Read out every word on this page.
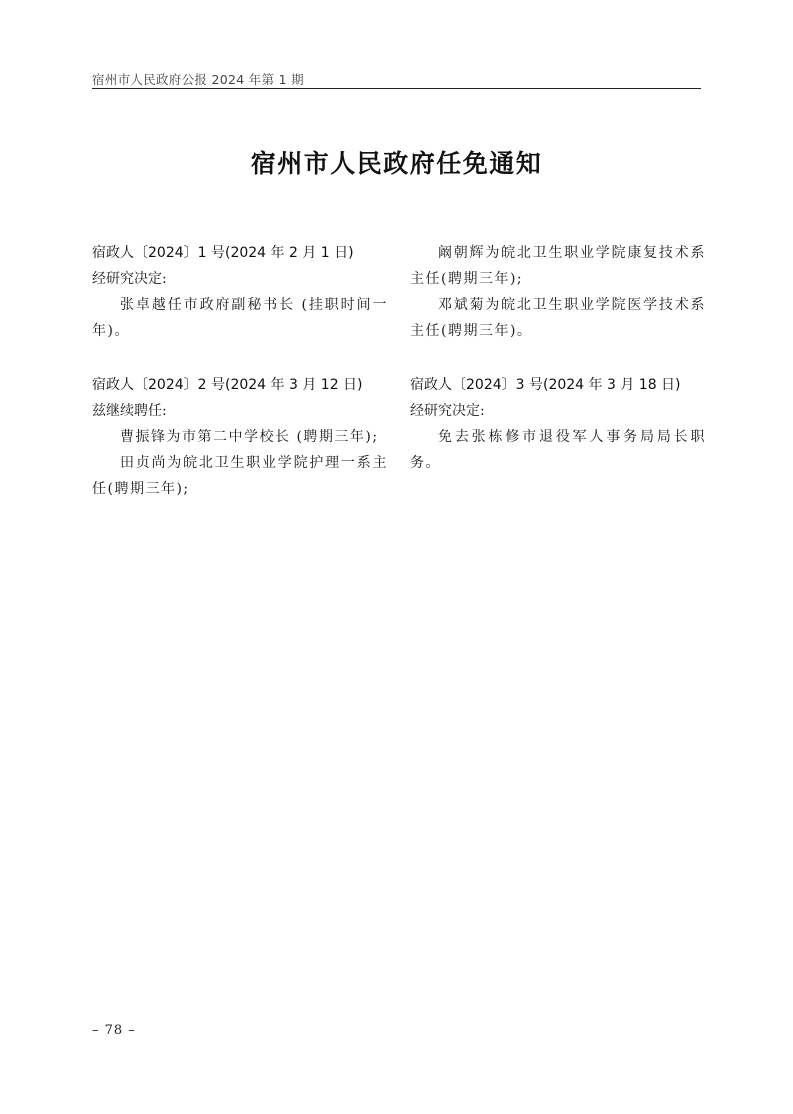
宿州市人民政府公报 2024 年第 1 期
宿州市人民政府任免通知
宿政人〔2024〕1 号(2024 年 2 月 1 日)
经研究决定:

张卓越任市政府副秘书长 (挂职时间一年)。

宿政人〔2024〕2 号(2024 年 3 月 12 日)
兹继续聘任:

曹振锋为市第二中学校长 (聘期三年);

田贞尚为皖北卫生职业学院护理一系主任(聘期三年);

阚朝辉为皖北卫生职业学院康复技术系主任(聘期三年);

邓斌菊为皖北卫生职业学院医学技术系主任(聘期三年)。

宿政人〔2024〕3 号(2024 年 3 月 18 日)
经研究决定:

免去张栋修市退役军人事务局局长职务。

– 78 –
